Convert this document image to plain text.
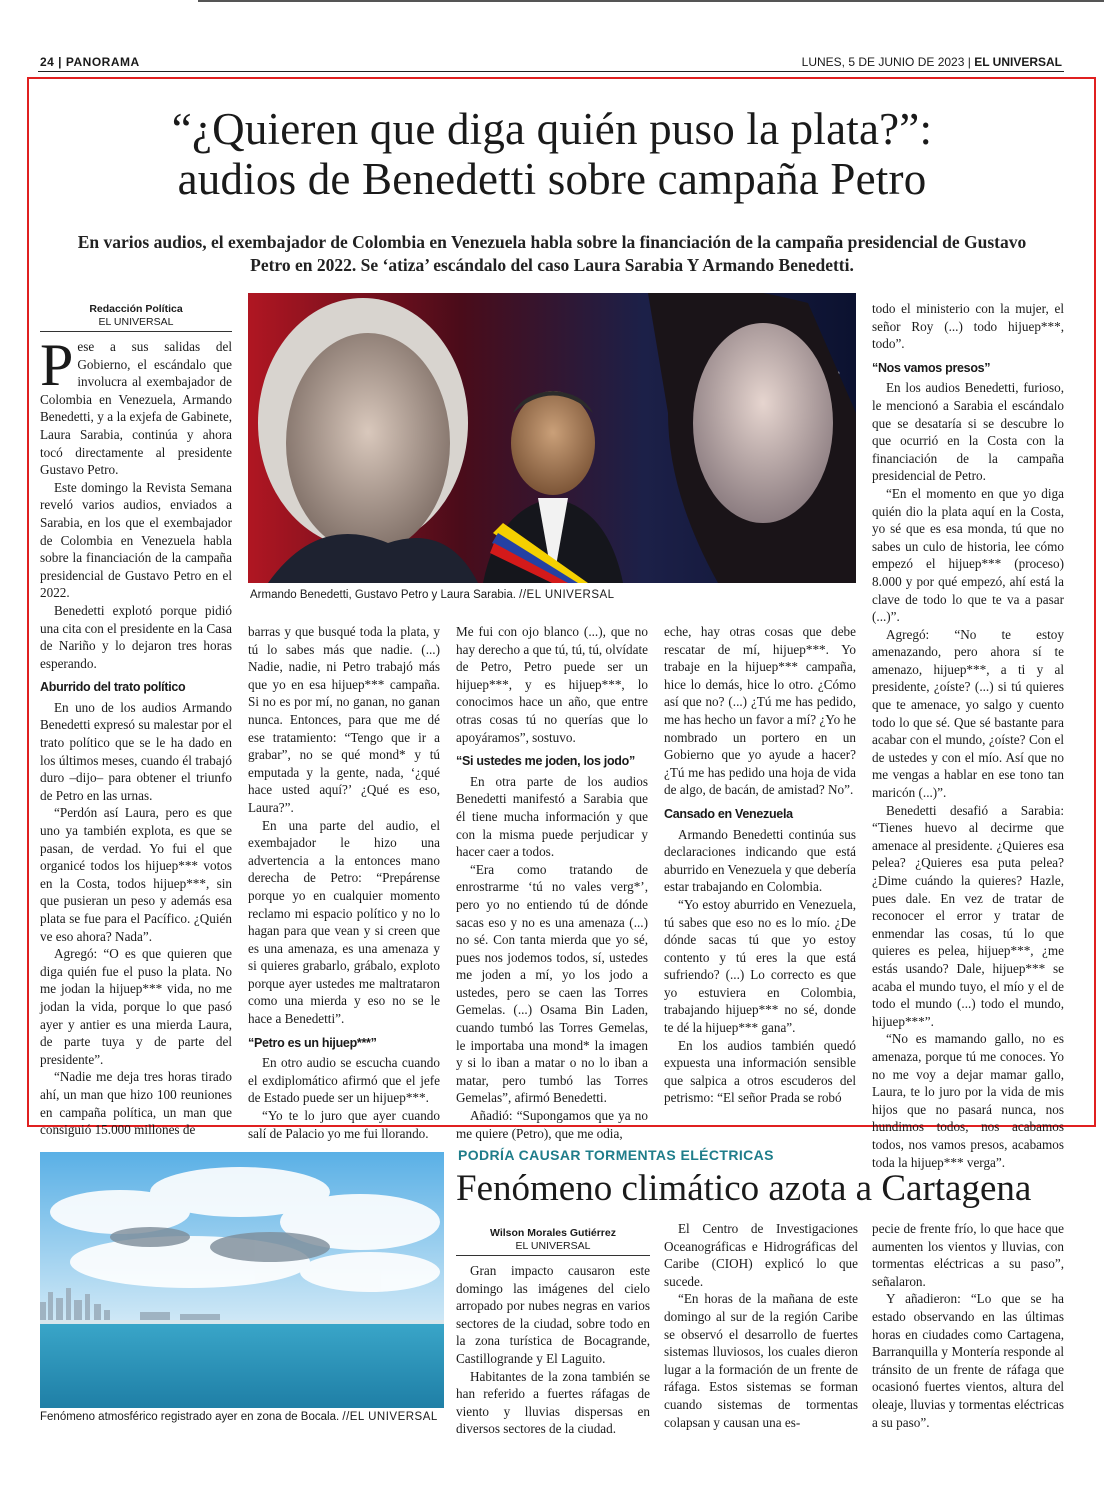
24 | PANORAMA	LUNES, 5 DE JUNIO DE 2023 | EL UNIVERSAL
“¿Quieren que diga quién puso la plata?”:
audios de Benedetti sobre campaña Petro

En varios audios, el exembajador de Colombia en Venezuela habla sobre la financiación de la campaña presidencial de Gustavo Petro en 2022. Se ‘atiza’ escándalo del caso Laura Sarabia Y Armando Benedetti.

Redacción Política
EL UNIVERSAL

Pese a sus salidas del Gobierno, el escándalo que involucra al exembajador de Colombia en Venezuela, Armando Benedetti, y a la exjefa de Gabinete, Laura Sarabia, continúa y ahora tocó directamente al presidente Gustavo Petro.

Este domingo la Revista Semana reveló varios audios, enviados a Sarabia, en los que el exembajador de Colombia en Venezuela habla sobre la financiación de la campaña presidencial de Gustavo Petro en el 2022.

Benedetti explotó porque pidió una cita con el presidente en la Casa de Nariño y lo dejaron tres horas esperando.

Aburrido del trato político

En uno de los audios Armando Benedetti expresó su malestar por el trato político que se le ha dado en los últimos meses, cuando él trabajó duro –dijo– para obtener el triunfo de Petro en las urnas.

“Perdón así Laura, pero es que uno ya también explota, es que se pasan, de verdad. Yo fui el que organicé todos los hijuep*** votos en la Costa, todos hijuep***, sin que pusieran un peso y además esa plata se fue para el Pacífico. ¿Quién ve eso ahora? Nada”.

Agregó: “O es que quieren que diga quién fue el puso la plata. No me jodan la hijuep*** vida, no me jodan la vida, porque lo que pasó ayer y antier es una mierda Laura, de parte tuya y de parte del presidente”.

“Nadie me deja tres horas tirado ahí, un man que hizo 100 reuniones en campaña política, un man que consiguió 15.000 millones de

Armando Benedetti, Gustavo Petro y Laura Sarabia. //EL UNIVERSAL

barras y que busqué toda la plata, y tú lo sabes más que nadie. (...) Nadie, nadie, ni Petro trabajó más que yo en esa hijuep*** campaña. Si no es por mí, no ganan, no ganan nunca. Entonces, para que me dé ese tratamiento: “Tengo que ir a grabar”, no se qué mond* y tú emputada y la gente, nada, ‘¿qué hace usted aquí?’ ¿Qué es eso, Laura?”.

En una parte del audio, el exembajador le hizo una advertencia a la entonces mano derecha de Petro: “Prepárense porque yo en cualquier momento reclamo mi espacio político y no lo hagan para que vean y si creen que es una amenaza, es una amenaza y si quieres grabarlo, grábalo, exploto porque ayer ustedes me maltrataron como una mierda y eso no se le hace a Benedetti”.

“Petro es un hijuep***”

En otro audio se escucha cuando el exdiplomático afirmó que el jefe de Estado puede ser un hijuep***.

“Yo te lo juro que ayer cuando salí de Palacio yo me fui llorando.

Me fui con ojo blanco (...), que no hay derecho a que tú, tú, tú, olvídate de Petro, Petro puede ser un hijuep***, y es hijuep***, lo conocimos hace un año, que entre otras cosas tú no querías que lo apoyáramos”, sostuvo.

“Si ustedes me joden, los jodo”

En otra parte de los audios Benedetti manifestó a Sarabia que él tiene mucha información y que con la misma puede perjudicar y hacer caer a todos.

“Era como tratando de enrostrarme ‘tú no vales verg*’, pero yo no entiendo tú de dónde sacas eso y no es una amenaza (...) no sé. Con tanta mierda que yo sé, pues nos jodemos todos, sí, ustedes me joden a mí, yo los jodo a ustedes, pero se caen las Torres Gemelas. (...) Osama Bin Laden, cuando tumbó las Torres Gemelas, le importaba una mond* la imagen y si lo iban a matar o no lo iban a matar, pero tumbó las Torres Gemelas”, afirmó Benedetti.

Añadió: “Supongamos que ya no me quiere (Petro), que me odia,

eche, hay otras cosas que debe rescatar de mí, hijuep***. Yo trabaje en la hijuep*** campaña, hice lo demás, hice lo otro. ¿Cómo así que no? (...) ¿Tú me has pedido, me has hecho un favor a mí? ¿Yo he nombrado un portero en un Gobierno que yo ayude a hacer? ¿Tú me has pedido una hoja de vida de algo, de bacán, de amistad? No”.

Cansado en Venezuela

Armando Benedetti continúa sus declaraciones indicando que está aburrido en Venezuela y que debería estar trabajando en Colombia.

“Yo estoy aburrido en Venezuela, tú sabes que eso no es lo mío. ¿De dónde sacas tú que yo estoy contento y tú eres la que está sufriendo? (...) Lo correcto es que yo estuviera en Colombia, trabajando hijuep*** no sé, donde te dé la hijuep*** gana”.

En los audios también quedó expuesta una información sensible que salpica a otros escuderos del petrismo: “El señor Prada se robó

todo el ministerio con la mujer, el señor Roy (...) todo hijuep***, todo”.

“Nos vamos presos”

En los audios Benedetti, furioso, le mencionó a Sarabia el escándalo que se desataría si se descubre lo que ocurrió en la Costa con la financiación de la campaña presidencial de Petro.

“En el momento en que yo diga quién dio la plata aquí en la Costa, yo sé que es esa monda, tú que no sabes un culo de historia, lee cómo empezó el hijuep*** (proceso) 8.000 y por qué empezó, ahí está la clave de todo lo que te va a pasar (...)”.

Agregó: “No te estoy amenazando, pero ahora sí te amenazo, hijuep***, a ti y al presidente, ¿oíste? (...) si tú quieres que te amenace, yo salgo y cuento todo lo que sé. Que sé bastante para acabar con el mundo, ¿oíste? Con el de ustedes y con el mío. Así que no me vengas a hablar en ese tono tan maricón (...)”.

Benedetti desafió a Sarabia: “Tienes huevo al decirme que amenace al presidente. ¿Quieres esa pelea? ¿Quieres esa puta pelea? ¿Dime cuándo la quieres? Hazle, pues dale. En vez de tratar de reconocer el error y tratar de enmendar las cosas, tú lo que quieres es pelea, hijuep***, ¿me estás usando? Dale, hijuep*** se acaba el mundo tuyo, el mío y el de todo el mundo (...) todo el mundo, hijuep***”.

“No es mamando gallo, no es amenaza, porque tú me conoces. Yo no me voy a dejar mamar gallo, Laura, te lo juro por la vida de mis hijos que no pasará nunca, nos hundimos todos, nos acabamos todos, nos vamos presos, acabamos toda la hijuep*** verga”.

Fenómeno atmosférico registrado ayer en zona de Bocala. //EL UNIVERSAL
PODRÍA CAUSAR TORMENTAS ELÉCTRICAS
Fenómeno climático azota a Cartagena
Wilson Morales Gutiérrez
EL UNIVERSAL

Gran impacto causaron este domingo las imágenes del cielo arropado por nubes negras en varios sectores de la ciudad, sobre todo en la zona turística de Bocagrande, Castillogrande y El Laguito.

Habitantes de la zona también se han referido a fuertes ráfagas de viento y lluvias dispersas en diversos sectores de la ciudad.

El Centro de Investigaciones Oceanográficas e Hidrográficas del Caribe (CIOH) explicó lo que sucede.

“En horas de la mañana de este domingo al sur de la región Caribe se observó el desarrollo de fuertes sistemas lluviosos, los cuales dieron lugar a la formación de un frente de ráfaga. Estos sistemas se forman cuando sistemas de tormentas colapsan y causan una es-

pecie de frente frío, lo que hace que aumenten los vientos y lluvias, con tormentas eléctricas a su paso”, señalaron.

Y añadieron: “Lo que se ha estado observando en las últimas horas en ciudades como Cartagena, Barranquilla y Montería responde al tránsito de un frente de ráfaga que ocasionó fuertes vientos, altura del oleaje, lluvias y tormentas eléctricas a su paso”.
